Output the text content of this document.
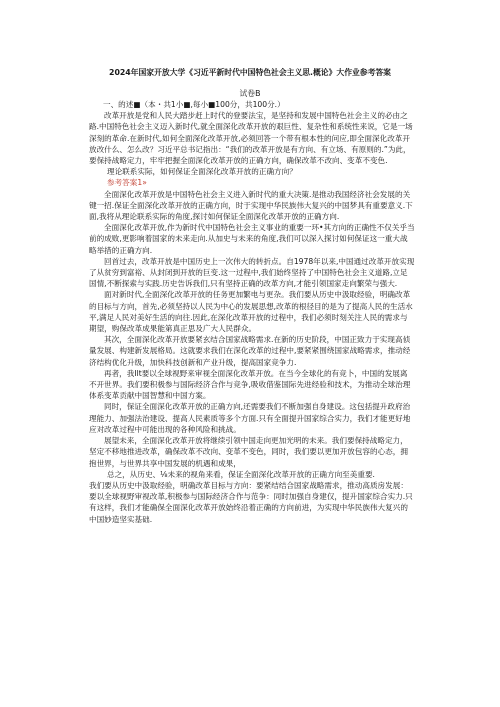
2024年国家开放大学《习近平新时代中国特色社会主义思.概论》大作业参考答案
试卷B

一、的述■（本・共1小■,每小■100分，共100分.）

改革开放是党和人民大踏步赶上时代的登要法宝，是坚持和发展中国特色社会主义的必由之路.中国特色社会主义迈入新时代,就全面深化改革开放的艰巨性、复杂性和系统性来说，它是一场深刻的革命.在新时代,如何全面深化改革开放,必须回答一个带有根本性的问应,即全面深化改革开放改什么、怎么改？习近平总书记指出：“我们的改革开放是有方向、有立场、有原则的.”为此，要保持战略定力，牢牢把握全面深化改革开放的正确方向，确保改革不改向、变革不变色.

理论联系实际，如何保证全面深化改革开放的正确方向？

参考答案1»

全面深化改革开放是中国特色社会主义进入新时代的重大决策.是推动我国经济社会发展的关键一招.保证全面深化改革开放的正确方向，时于实现中华民族伟大复兴的中国梦具有重要意义.下面,我将从理论联系实际的角度,探讨如何保证全面深化改革开放的正确方向.

全面深化改革开放,作为新时代中国特色社会主义事业的重要一环•其方向的正确性不仅关乎当前的成败,更影响着国家的未来走向.从加史与未来的角度,我们可以深入探讨如何保证这一重大战略举措的正确方向.

回首过去，改革开放是中国历史上一次伟大的转折点。自1978年以来,中国通过改革开放实现了从贫穷到富裕、从封闭到开放的巨变.这一过程中,我们始终坚持了中国特色社会主义道路,立足国情,不断探索与实践.历史告诉我们,只有坚持正确的改革方向,才能引领国家走向繁荣与强大.

面对新时代,全面深化改革开放的任务更加繁电与更杂。我们要从历史中汲取经验，明确改革的目标与方向，首先,必须坚持以人民为中心的发展思想,改革的根径目的是为了提高人民的生活水平,满足人民对美好生活的向往.因此,在深化改革开放的过程中，我们必须时刻关注人民的需求与期望，购保改革成果能第真正思及广大人民群众。

其次，全面深化改革开放要紧玄结合国家战略需求.在新的历史阶段，中国正致力于实现高侦量发展、构建新发展格局。这就要求我们在深化改革的过程中,要紧紧围绕国家战略需求，推动经济结构优化升级，加快科技创新和产业升级，提高国家竞争力.

再者，我Ilt要以全球视野来审视全面深化改革开放。在当今全球化的有竞卜，中国的发展离不开世界。我们要积极参与国际经济合作与竞争,吸收借鉴国际先进经验和技术，为推动全球治理体系变革贡献中国智慧和中国方案。

同时，保证全面深化改革开放的正确方向,还需要我们不断加强自身建设。这包括提升政府治理能力、加强法治建设、提高人民素质等多个方面.只有全面提升国家综合实力，我们才能更好地应对改革过程中可能出现的各种风险和挑战。

展望未来，全面深化改革开放将继续引领中国走向更加光明的未来。我们要保持战略定力，坚定不移地推进改革，确保改革不改向、变革不变色，同时，我们要以更加开放包容的心态，拥抱世界，与世界共享中国发展的机遇和成果，

总之，从历史、⅛未来的视角来看，保证全面深化改革开放的正确方向至美重要.

我们要从历史中汲取经验，明确改革目标与方向：要紧结结合国家战略需求，推动高质房发展：要以全球视野审视改革,积极参与国际经济合作与范争：同时加强自身建仅，提升国家综合实力.只有这样，我们才能确保全面深化改革开放始终沿着正确的方向前进，为实现中华民族伟大复兴的中国妙造坚实基础.
